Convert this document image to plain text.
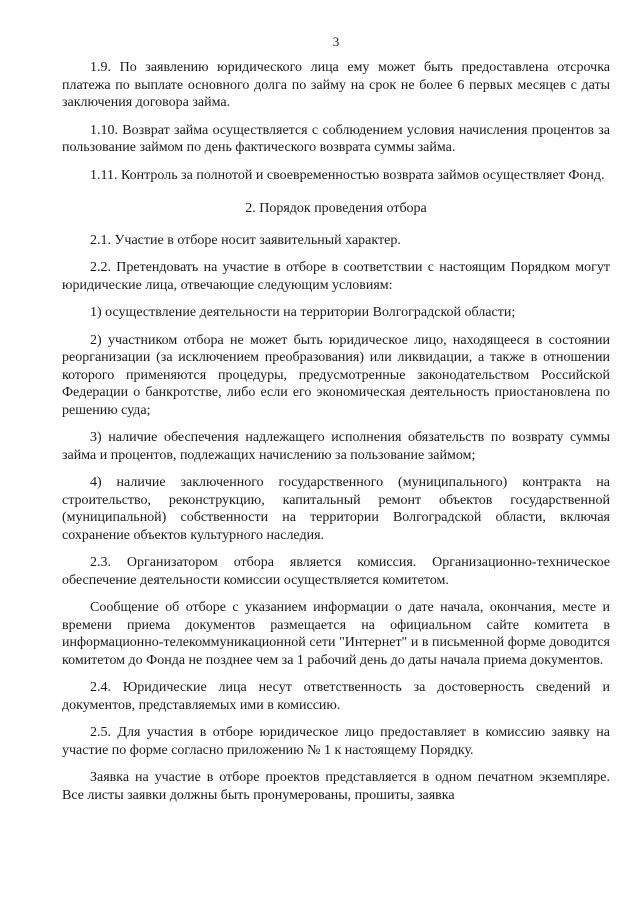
3

1.9. По заявлению юридического лица ему может быть предоставлена отсрочка платежа по выплате основного долга по займу на срок не более 6 первых месяцев с даты заключения договора займа.

1.10. Возврат займа осуществляется с соблюдением условия начисления процентов за пользование займом по день фактического возврата суммы займа.

1.11. Контроль за полнотой и своевременностью возврата займов осуществляет Фонд.

2. Порядок проведения отбора

2.1. Участие в отборе носит заявительный характер.

2.2. Претендовать на участие в отборе в соответствии с настоящим Порядком могут юридические лица, отвечающие следующим условиям:

1) осуществление деятельности на территории Волгоградской области;

2) участником отбора не может быть юридическое лицо, находящееся в состоянии реорганизации (за исключением преобразования) или ликвидации, а также в отношении которого применяются процедуры, предусмотренные законодательством Российской Федерации о банкротстве, либо если его экономическая деятельность приостановлена по решению суда;

3) наличие обеспечения надлежащего исполнения обязательств по возврату суммы займа и процентов, подлежащих начислению за пользование займом;

4) наличие заключенного государственного (муниципального) контракта на строительство, реконструкцию, капитальный ремонт объектов государственной (муниципальной) собственности на территории Волгоградской области, включая сохранение объектов культурного наследия.

2.3. Организатором отбора является комиссия. Организационно-техническое обеспечение деятельности комиссии осуществляется комитетом.

Сообщение об отборе с указанием информации о дате начала, окончания, месте и времени приема документов размещается на официальном сайте комитета в информационно-телекоммуникационной сети "Интернет" и в письменной форме доводится комитетом до Фонда не позднее чем за 1 рабочий день до даты начала приема документов.

2.4. Юридические лица несут ответственность за достоверность сведений и документов, представляемых ими в комиссию.

2.5. Для участия в отборе юридическое лицо предоставляет в комиссию заявку на участие по форме согласно приложению № 1 к настоящему Порядку.

Заявка на участие в отборе проектов представляется в одном печатном экземпляре. Все листы заявки должны быть пронумерованы, прошиты, заявка
